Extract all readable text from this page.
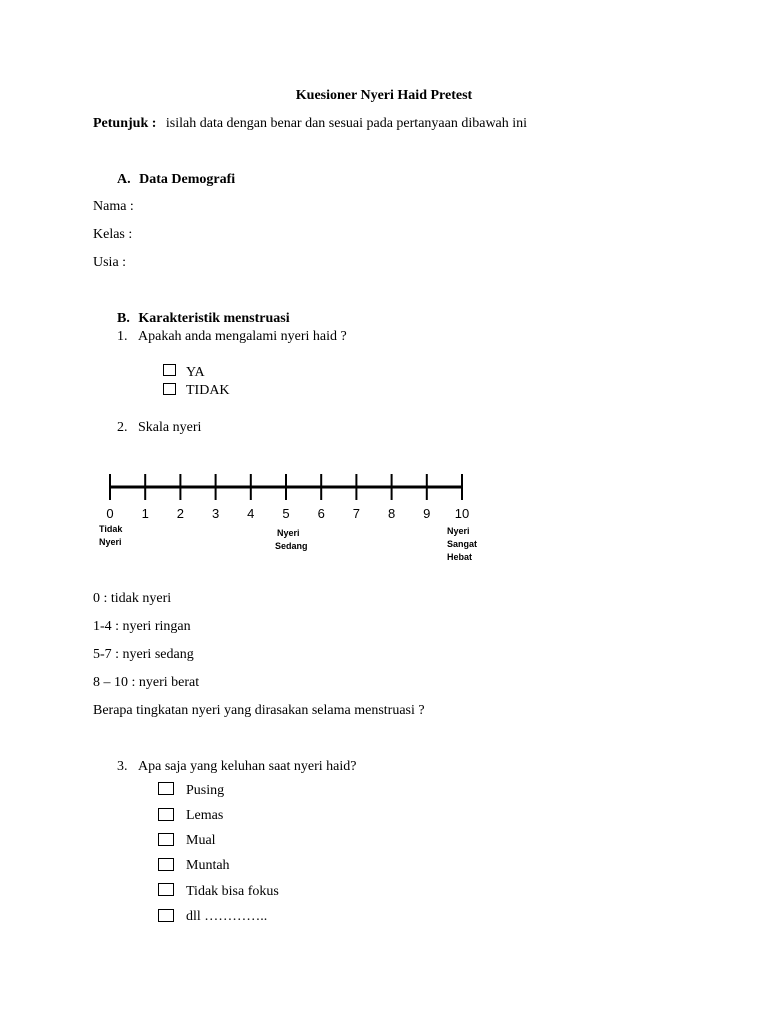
Kuesioner Nyeri Haid Pretest
Petunjuk : isilah data dengan benar dan sesuai pada pertanyaan dibawah ini
A. Data Demografi
Nama :
Kelas :
Usia :
B. Karakteristik menstruasi
1. Apakah anda mengalami nyeri haid ?
YA
TIDAK
2. Skala nyeri
0 1 2 3 4 5 6 7 8 9 10
Tidak
Nyeri
Nyeri
Sedang
Nyeri
Sangat
Hebat
0 : tidak nyeri
1-4 : nyeri ringan
5-7 : nyeri sedang
8 – 10 : nyeri berat
Berapa tingkatan nyeri yang dirasakan selama menstruasi ?
3. Apa saja yang keluhan saat nyeri haid?
Pusing
Lemas
Mual
Muntah
Tidak bisa fokus
dll …………..
